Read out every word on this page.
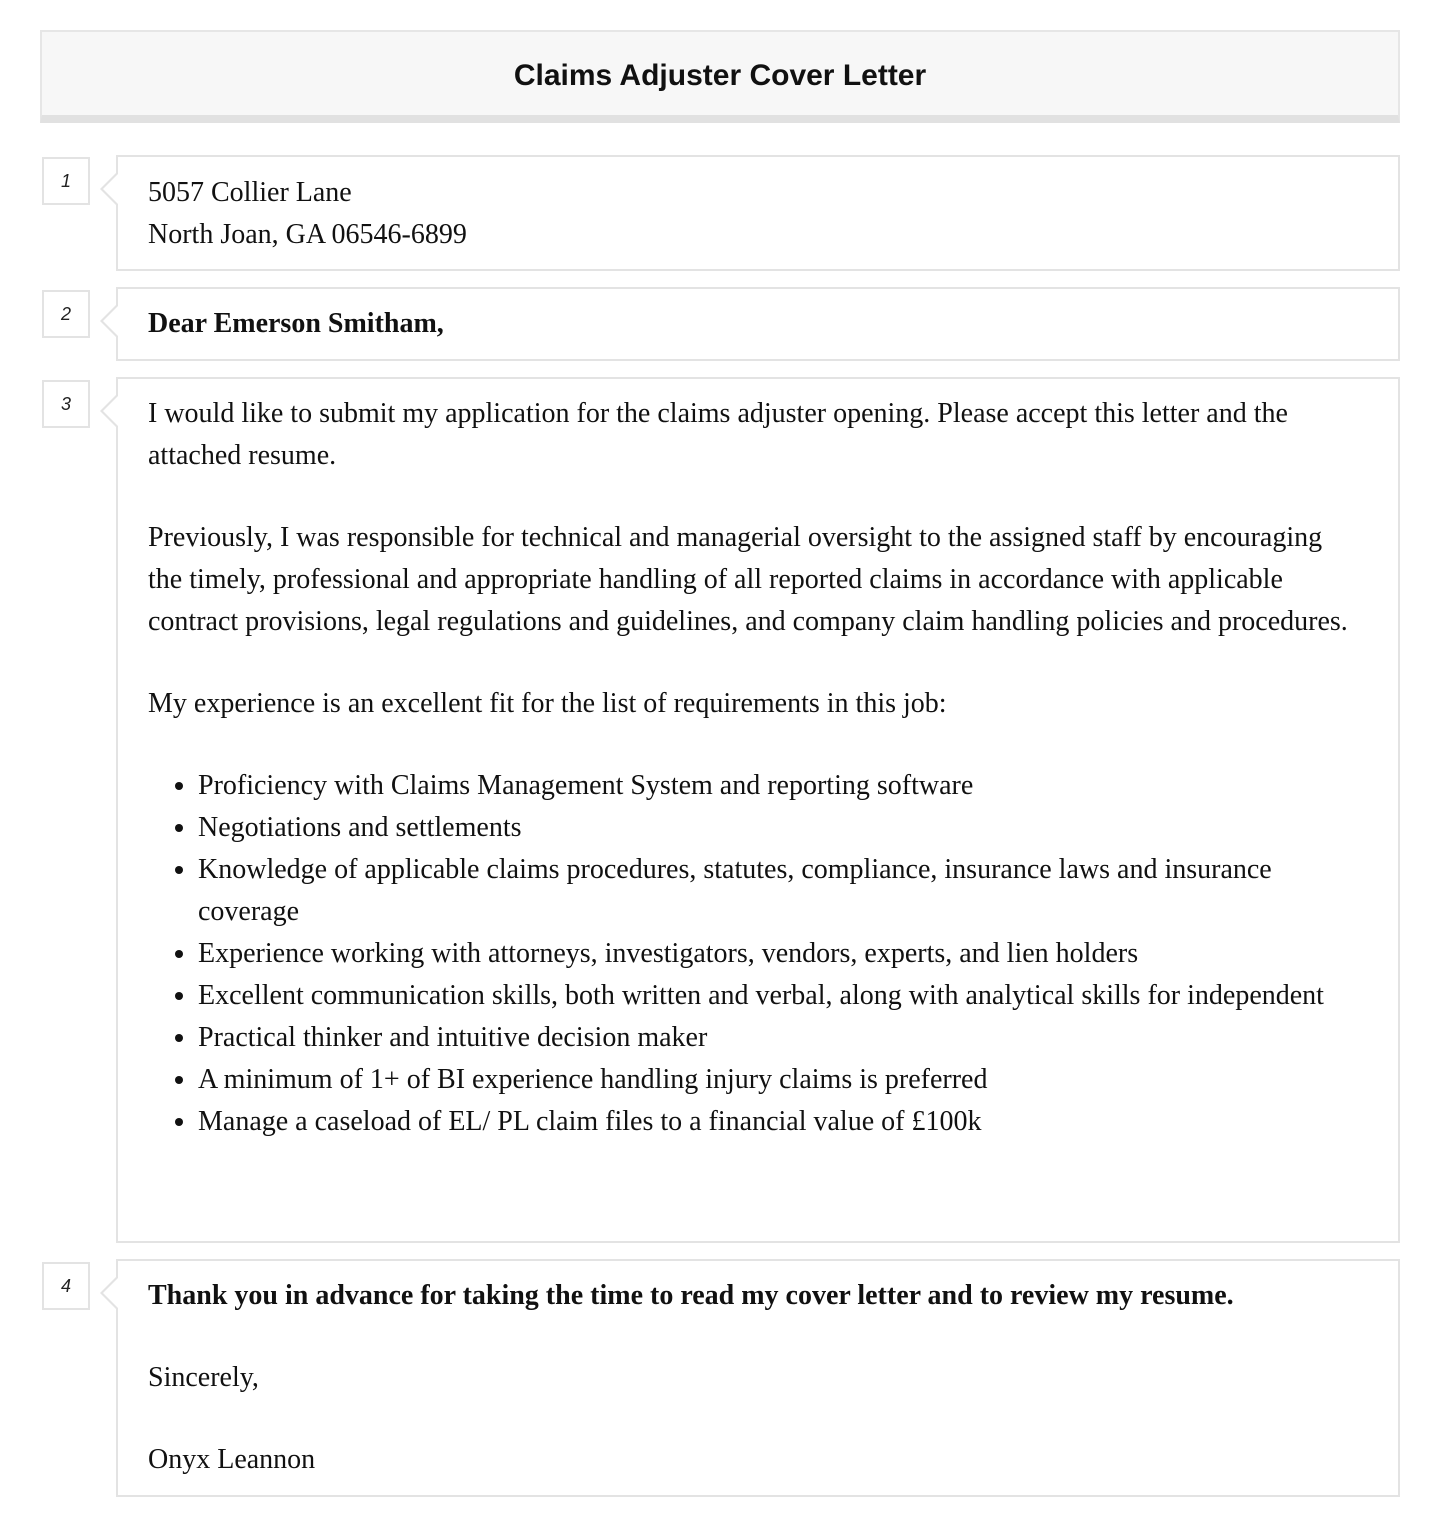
Claims Adjuster Cover Letter
1	5057 Collier Lane
North Joan, GA 06546-6899
2	Dear Emerson Smitham,
3	I would like to submit my application for the claims adjuster opening. Please accept this letter and the attached resume.

Previously, I was responsible for technical and managerial oversight to the assigned staff by encouraging the timely, professional and appropriate handling of all reported claims in accordance with applicable contract provisions, legal regulations and guidelines, and company claim handling policies and procedures.

My experience is an excellent fit for the list of requirements in this job:

• Proficiency with Claims Management System and reporting software
• Negotiations and settlements
• Knowledge of applicable claims procedures, statutes, compliance, insurance laws and insurance coverage
• Experience working with attorneys, investigators, vendors, experts, and lien holders
• Excellent communication skills, both written and verbal, along with analytical skills for independent
• Practical thinker and intuitive decision maker
• A minimum of 1+ of BI experience handling injury claims is preferred
• Manage a caseload of EL/ PL claim files to a financial value of £100k
4	Thank you in advance for taking the time to read my cover letter and to review my resume.

Sincerely,

Onyx Leannon
